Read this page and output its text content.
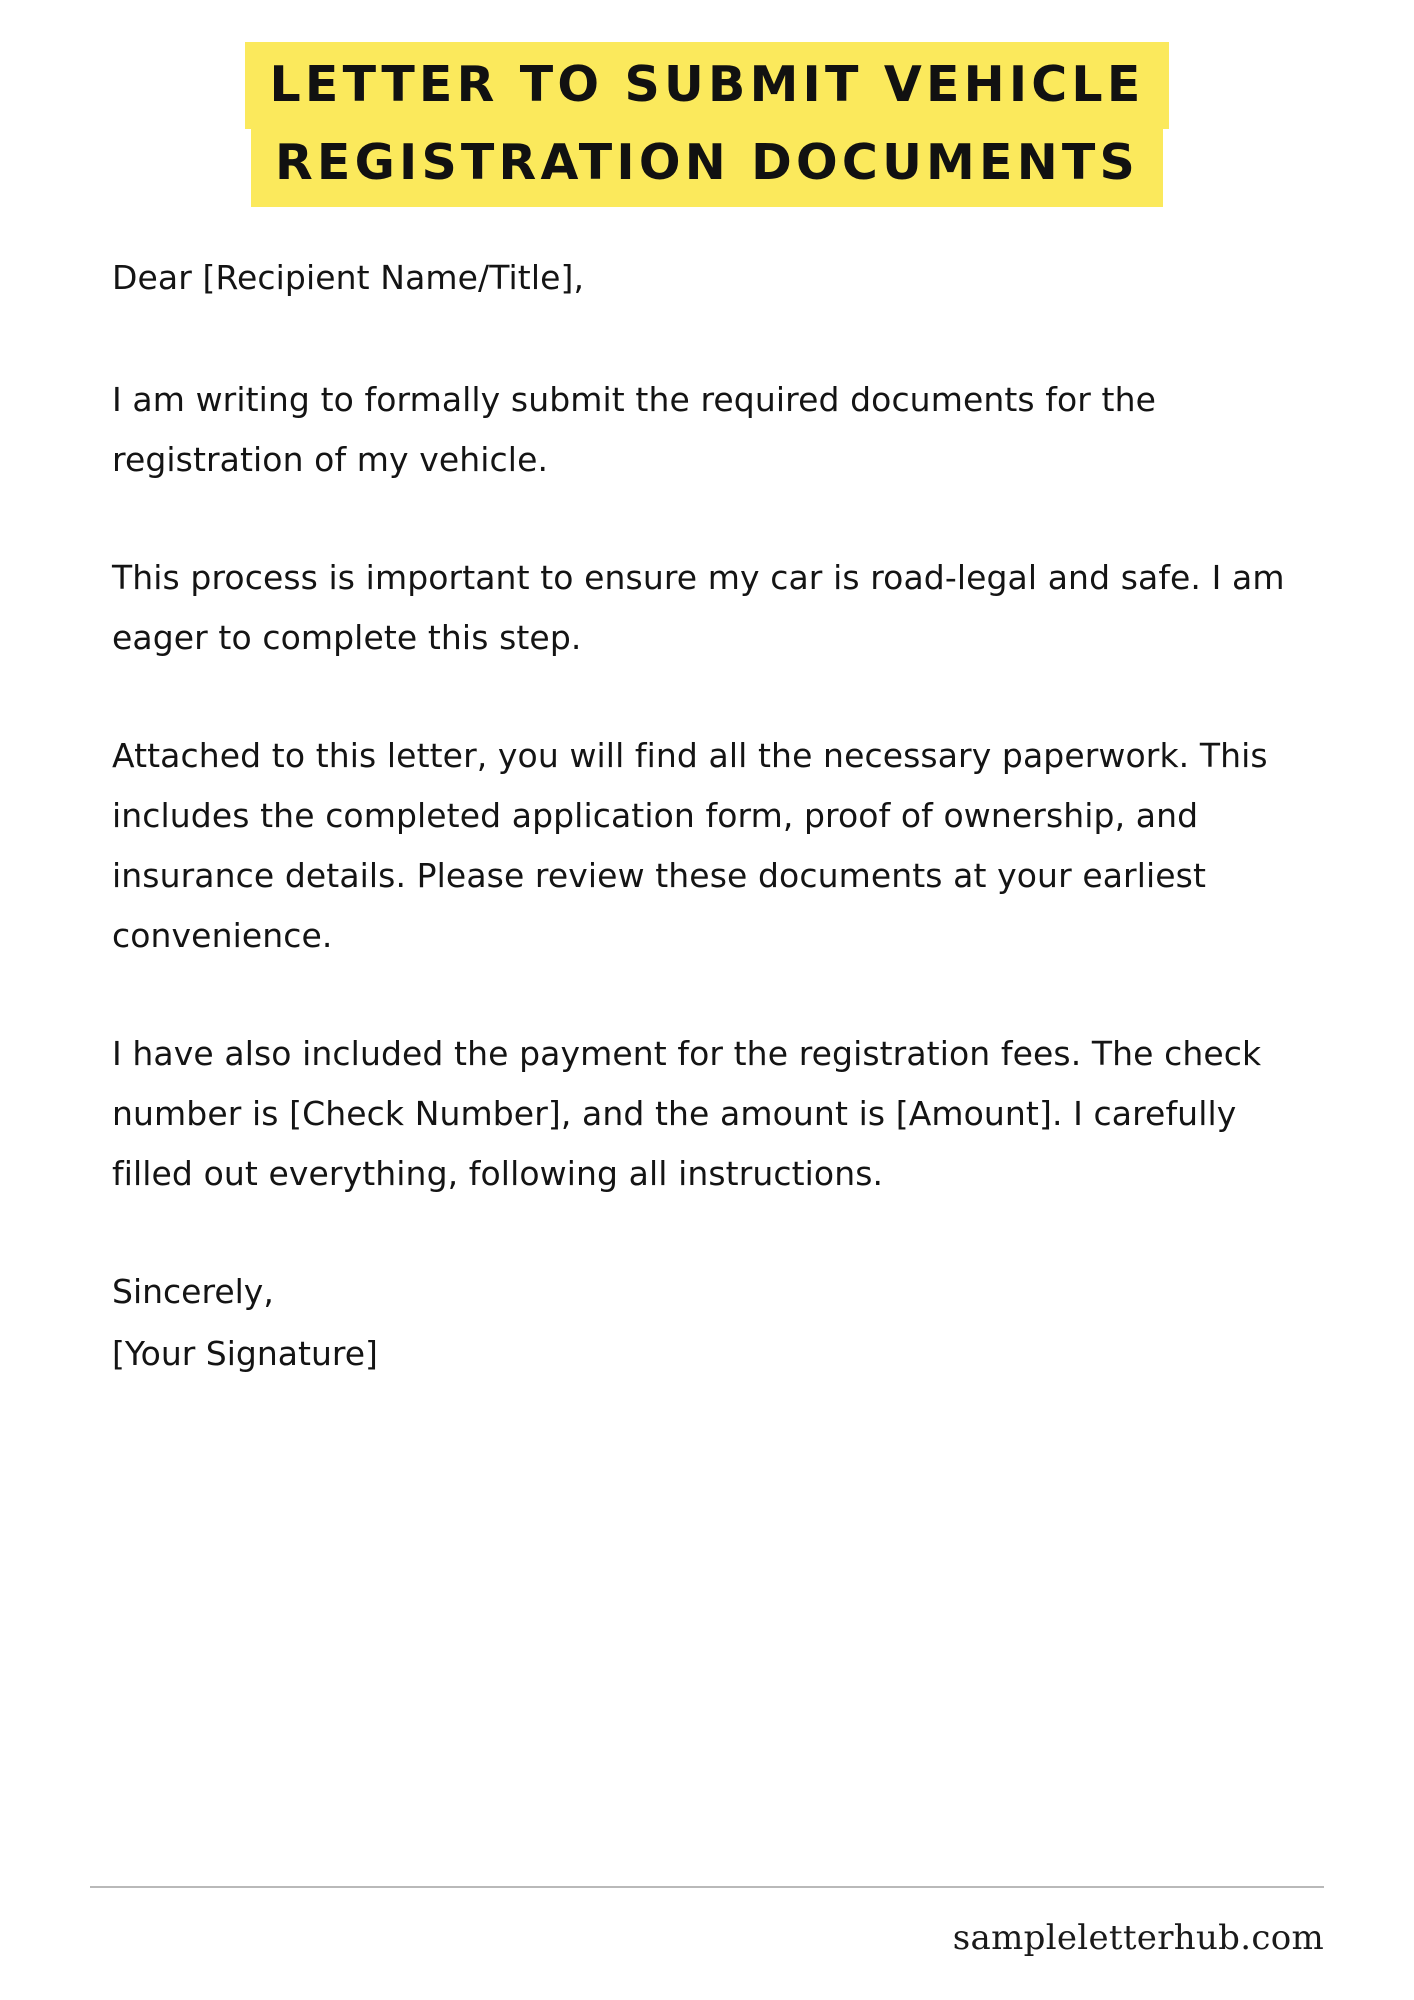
LETTER TO SUBMIT VEHICLE
REGISTRATION DOCUMENTS

Dear [Recipient Name/Title],

I am writing to formally submit the required documents for the registration of my vehicle.

This process is important to ensure my car is road-legal and safe. I am eager to complete this step.

Attached to this letter, you will find all the necessary paperwork. This includes the completed application form, proof of ownership, and insurance details. Please review these documents at your earliest convenience.

I have also included the payment for the registration fees. The check number is [Check Number], and the amount is [Amount]. I carefully filled out everything, following all instructions.

Sincerely,

[Your Signature]

sampleletterhub.com
